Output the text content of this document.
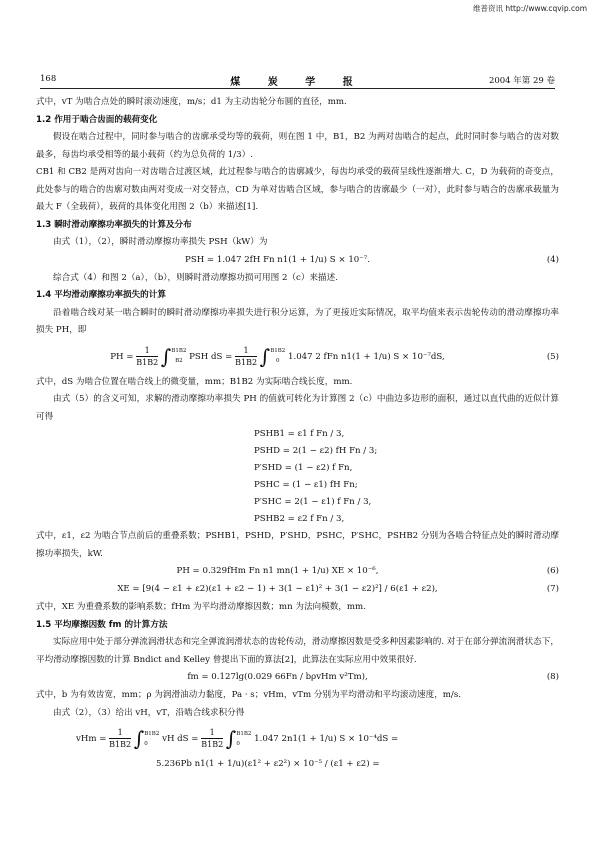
维普资讯 http://www.cqvip.com
168	煤 炭 学 报	2004 年第 29 卷

式中，vT 为啮合点处的瞬时滚动速度，m/s；d1 为主动齿轮分布圆的直径，mm.

1.2 作用于啮合齿面的载荷变化

假设在啮合过程中，同时参与啮合的齿廓承受均等的载荷，则在图 1 中，B1，B2 为两对齿啮合的起点，此时同时参与啮合的齿对数最多，每齿均承受相等的最小载荷（约为总负荷的 1/3）.

CB1 和 CB2 是两对齿向一对齿啮合过渡区域，此过程参与啮合的齿廓减少，每齿均承受的载荷呈线性逐渐增大. C，D 为载荷的奇变点，此处参与的啮合的齿廓对数由两对变成一对交替点，CD 为单对齿啮合区域，参与啮合的齿廓最少（一对），此时参与啮合的齿廓承载量为最大 F（全载荷），载荷的具体变化用图 2（b）来描述[1].

1.3 瞬时滑动摩擦功率损失的计算及分布

由式（1），（2），瞬时滑动摩擦功率损失 PSH（kW）为

PSH = 1.047 2fH Fn n1(1 + 1/u) S × 10⁻⁷.	(4)

综合式（4）和图 2（a），（b），则瞬时滑动摩擦功损可用图 2（c）来描述.

1.4 平均滑动摩擦功率损失的计算

沿着啮合线对某一啮合瞬时的瞬时滑动摩擦功率损失进行积分运算，为了更接近实际情况，取平均值来表示齿轮传动的滑动摩擦功率损失 PH，即

PH = $\frac{1}{B1B2} \int B1B2$
B2 PSH dS = $\frac{1}{B1B2} \int B1B2$
0 1.047 2 fFn n1(1 + 1/u) S × 10⁻⁷dS,	(5)

式中，dS 为啮合位置在啮合线上的微变量，mm；B1B2 为实际啮合线长度，mm.

由式（5）的含义可知，求解的滑动摩擦功率损失 PH 的值就可转化为计算图 2（c）中曲边多边形的面积，通过以直代曲的近似计算可得

PSHB1 = ε1 f Fn / 3,
PSHD = 2(1 − ε2) fH Fn / 3;
P′SHD = (1 − ε2) f Fn,
PSHC = (1 − ε1) fH Fn;
P′SHC = 2(1 − ε1) f Fn / 3,
PSHB2 = ε2 f Fn / 3,

式中，ε1，ε2 为啮合节点前后的重叠系数；PSHB1，PSHD，P′SHD，PSHC，P′SHC，PSHB2 分别为各啮合特征点处的瞬时滑动摩擦功率损失，kW.

PH = 0.329fHm Fn n1 mn(1 + 1/u) XE × 10⁻⁶,	(6)
XE = [9(4 − ε1 + ε2)(ε1 + ε2 − 1) + 3(1 − ε1)² + 3(1 − ε2)²] / 6(ε1 + ε2),	(7)

式中，XE 为重叠系数的影响系数；fHm 为平均滑动摩擦因数；mn 为法向模数，mm.

1.5 平均摩擦因数 fm 的计算方法

实际应用中处于部分弹流润滑状态和完全弹流润滑状态的齿轮传动，滑动摩擦因数是受多种因素影响的. 对于在部分弹流润滑状态下，平均滑动摩擦因数的计算 Bndict and Kelley 曾提出下面的算法[2]，此算法在实际应用中效果很好.

fm = 0.127lg(0.029 66Fn / bρvHm v²Tm),	(8)

式中，b 为有效齿宽，mm；ρ 为润滑油动力黏度，Pa · s；vHm，vTm 分别为平均滑动和平均滚动速度，m/s.

由式（2），（3）给出 vH，vT，沿啮合线求积分得

vHm = $\frac{1}{B1B2} \int B1B2$
0 vH dS = $\frac{1}{B1B2} \int B1B2$
0 1.047 2n1(1 + 1/u) S × 10⁻⁴dS =
5.236Pb n1(1 + 1/u)(ε1² + ε2²) × 10⁻⁵ / (ε1 + ε2) =
